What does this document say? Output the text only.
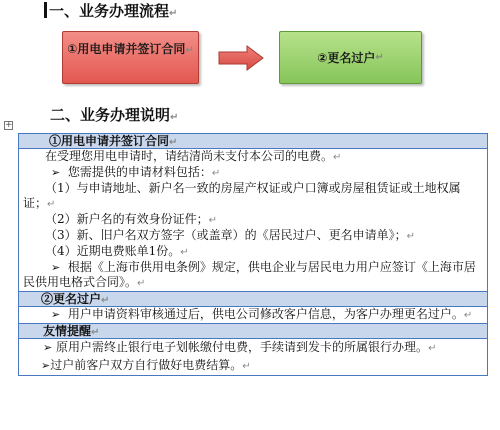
一、业务办理流程↵
①用电申请并签订合同↵
②更名过户 ↵
二、业务办理说明↵
+
①用电申请并签订合同↵
在受理您用电申请时，请结清尚未支付本公司的电费。↵
➢ 您需提供的申请材料包括：↵
（1）与申请地址、新户名一致的房屋产权证或户口簿或房屋租赁证或土地权属证；↵
（2）新户名的有效身份证件；↵
（3）新、旧户名双方签字（或盖章）的《居民过户、更名申请单》；↵
（4）近期电费账单1份。↵
➢ 根据《上海市供用电条例》规定，供电企业与居民电力用户应签订《上海市居民供用电格式合同》。↵
②更名过户↵
➢ 用户申请资料审核通过后，供电公司修改客户信息，为客户办理更名过户。↵
友情提醒↵
➢ 原用户需终止银行电子划帐缴付电费，手续请到发卡的所属银行办理。↵
➢过户前客户双方自行做好电费结算。↵
